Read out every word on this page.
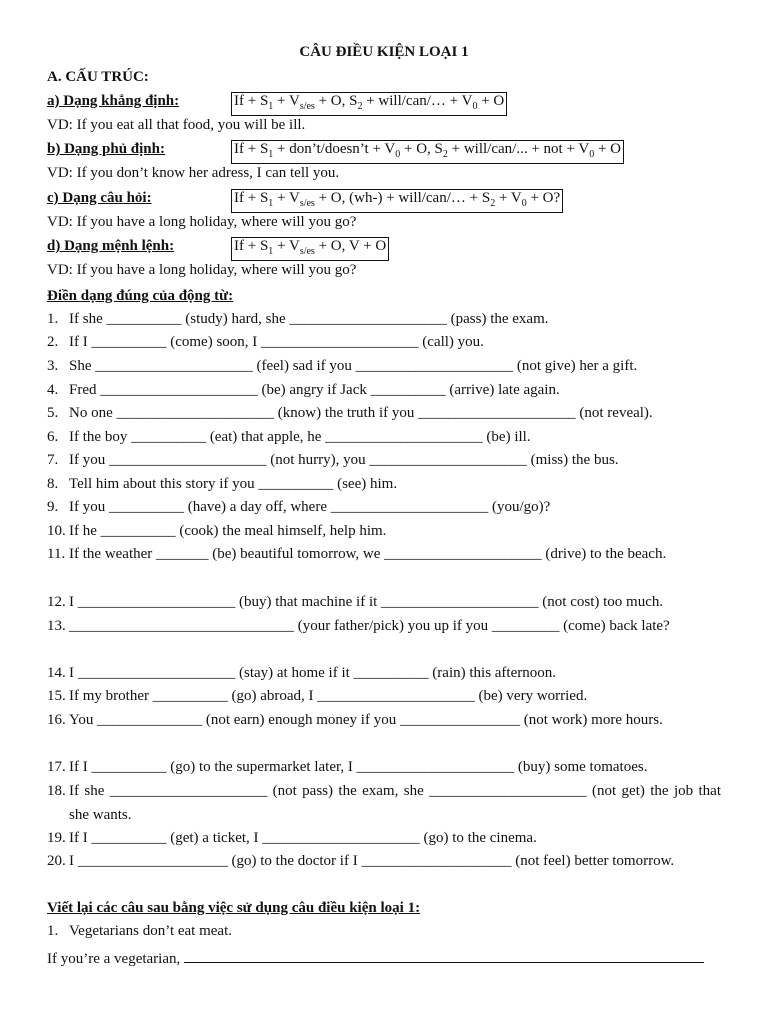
CÂU ĐIỀU KIỆN LOẠI 1
A. CẤU TRÚC:
a) Dạng khẳng định:	$If + S_1 + V_{s/es} + O$, $S_2$ + will/can/… + $V_0 + O$
VD: If you eat all that food, you will be ill.
b) Dạng phủ định:	$If + S_1$ + don’t/doesn’t + $V_0 + O$, $S_2$ + will/can/... + not + $V_0 + O$
VD: If you don’t know her adress, I can tell you.
c) Dạng câu hỏi:	$If + S_1 + V_{s/es} + O$, (wh-) + will/can/… + $S_2 + V_0 + O$?
VD: If you have a long holiday, where will you go?
d) Dạng mệnh lệnh:	$If + S_1 + V_{s/es} + O$, V + O
VD: If you have a long holiday, where will you go?
Điền dạng đúng của động từ:
1. If she __________ (study) hard, she _____________________ (pass) the exam.
2. If I __________ (come) soon, I _____________________ (call) you.
3. She _____________________ (feel) sad if you _____________________ (not give) her a gift.
4. Fred _____________________ (be) angry if Jack __________ (arrive) late again.
5. No one _____________________ (know) the truth if you _____________________ (not reveal).
6. If the boy __________ (eat) that apple, he _____________________ (be) ill.
7. If you _____________________ (not hurry), you _____________________ (miss) the bus.
8. Tell him about this story if you __________ (see) him.
9. If you __________ (have) a day off, where _____________________ (you/go)?
10. If he __________ (cook) the meal himself, help him.
11. If the weather _______ (be) beautiful tomorrow, we _____________________ (drive) to the beach.
12. I _____________________ (buy) that machine if it _____________________ (not cost) too much.
13. ______________________________ (your father/pick) you up if you _________ (come) back late?
14. I _____________________ (stay) at home if it __________ (rain) this afternoon.
15. If my brother __________ (go) abroad, I _____________________ (be) very worried.
16. You ______________ (not earn) enough money if you ________________ (not work) more hours.
17. If I __________ (go) to the supermarket later, I _____________________ (buy) some tomatoes.
18. If she _____________________ (not pass) the exam, she _____________________ (not get) the job that she wants.
19. If I __________ (get) a ticket, I _____________________ (go) to the cinema.
20. I ____________________ (go) to the doctor if I ____________________ (not feel) better tomorrow.
Viết lại các câu sau bằng việc sử dụng câu điều kiện loại 1:
1. Vegetarians don’t eat meat.
If you’re a vegetarian,
